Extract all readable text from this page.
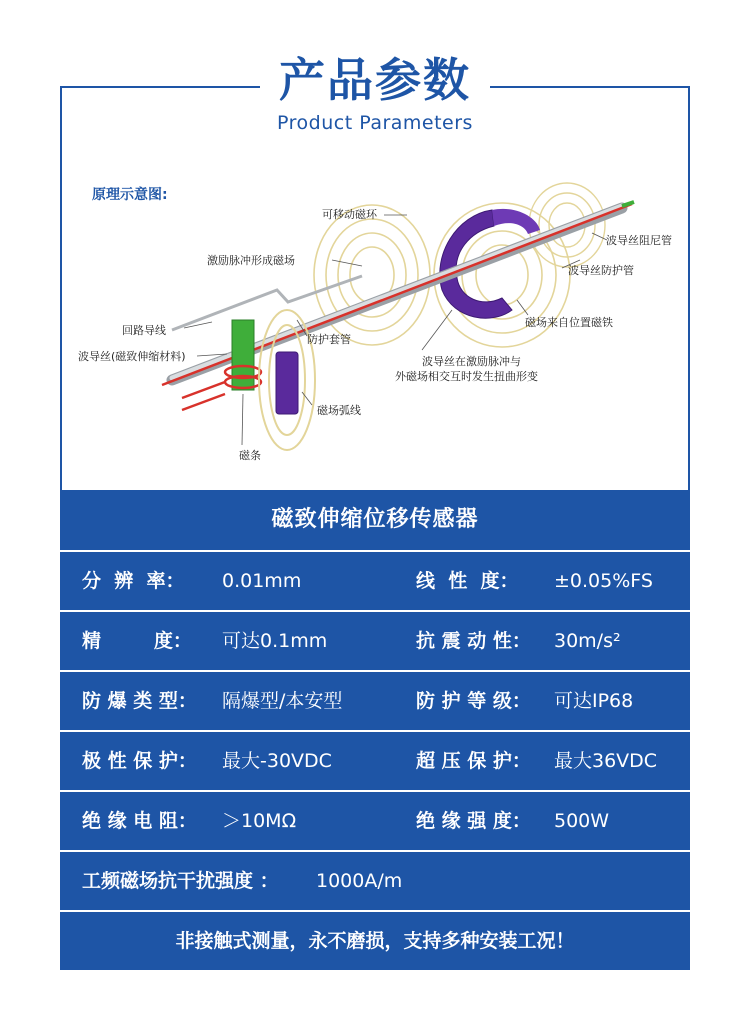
产品参数
Product Parameters
原理示意图:
可移动磁环
波导丝阻尼管
激励脉冲形成磁场
波导丝防护管
回路导线
磁场来自位置磁铁
波导丝(磁致伸缩材料)
防护套管
波导丝在激励脉冲与
外磁场相交互时发生扭曲形变
磁场弧线
磁条
磁致伸缩位移传感器
分  辨  率： 0.01mm	线  性  度： ±0.05%FS
精        度： 可达0.1mm	抗 震 动 性： 30m/s²
防 爆 类 型： 隔爆型/本安型	防 护 等 级： 可达IP68
极 性 保 护： 最大-30VDC	超 压 保 护： 最大36VDC
绝 缘 电 阻： ＞10MΩ	绝 缘 强 度： 500W
工频磁场抗干扰强度 ： 1000A/m
非接触式测量，永不磨损，支持多种安装工况！
